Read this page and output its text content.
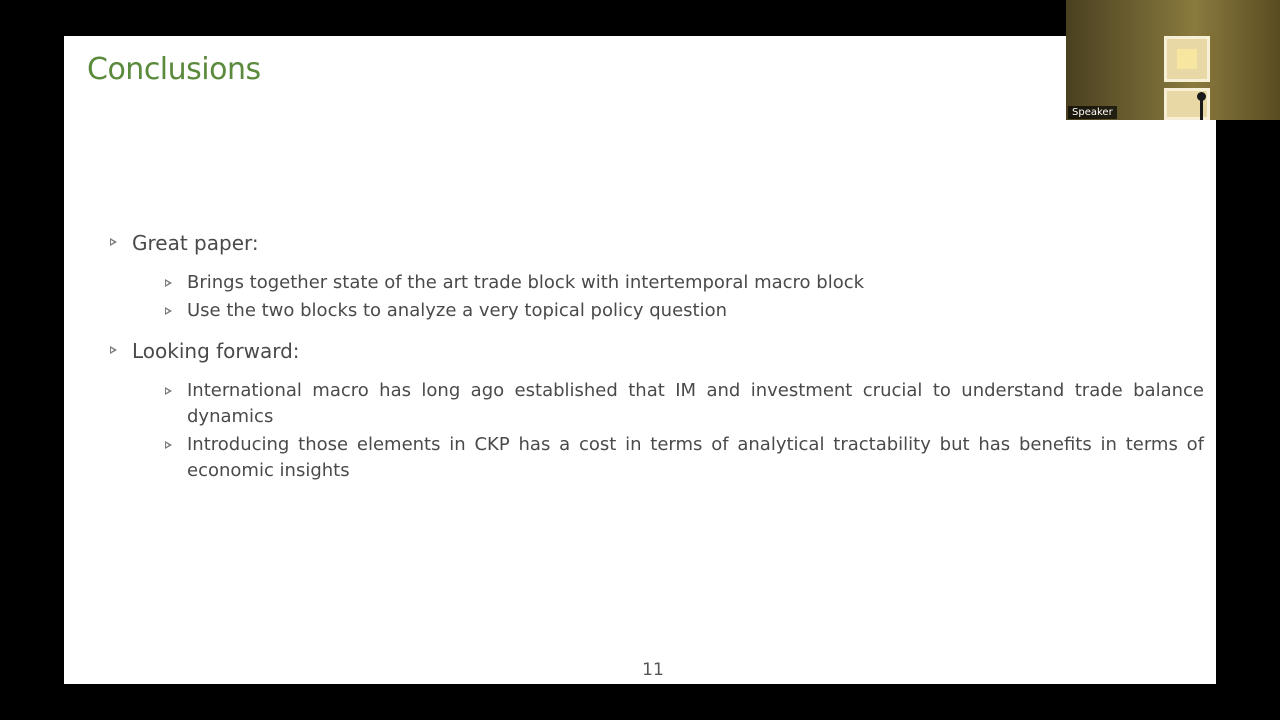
Conclusions
Great paper:
Brings together state of the art trade block with intertemporal macro block
Use the two blocks to analyze a very topical policy question
Looking forward:
International macro has long ago established that IM and investment crucial to understand trade balance dynamics
Introducing those elements in CKP has a cost in terms of analytical tractability but has benefits in terms of economic insights
11	zoom
Speaker
